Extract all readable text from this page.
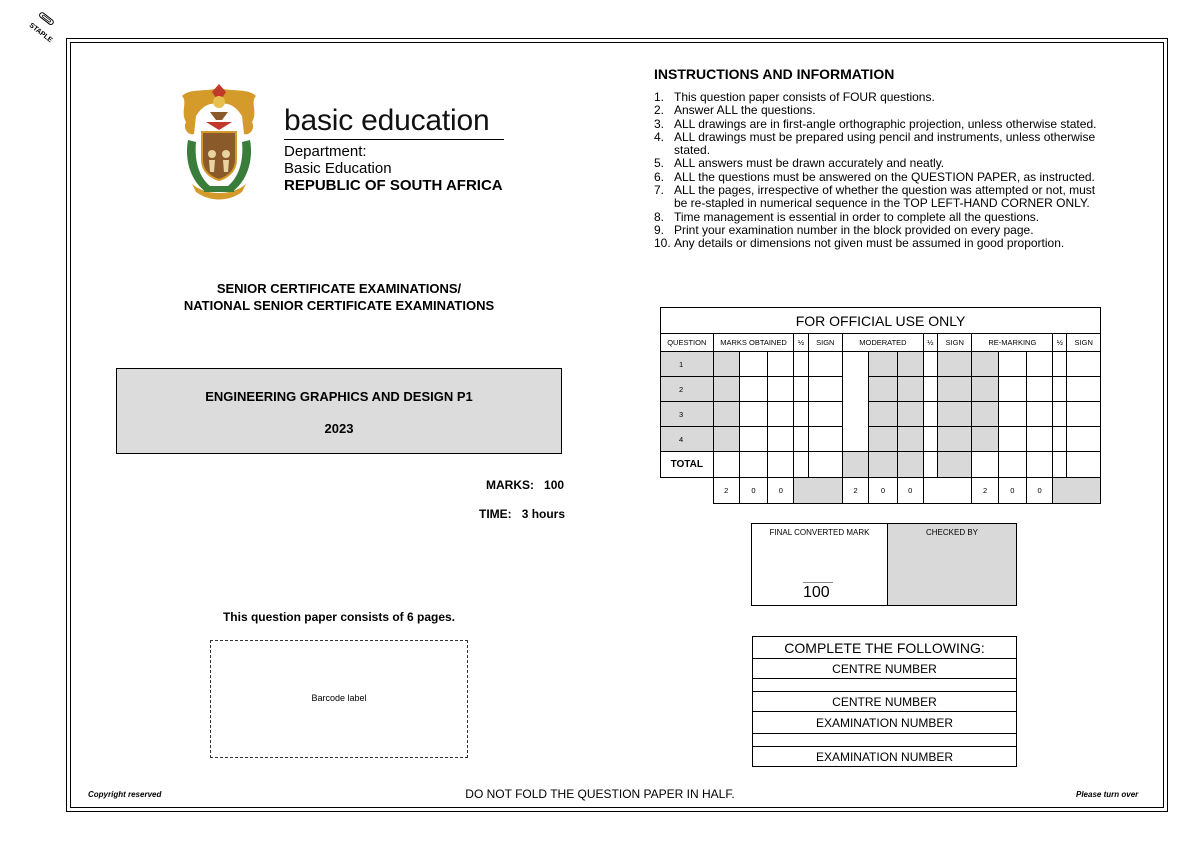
STAPLE
basic education
Department:
Basic Education
REPUBLIC OF SOUTH AFRICA
SENIOR CERTIFICATE EXAMINATIONS/
NATIONAL SENIOR CERTIFICATE EXAMINATIONS
ENGINEERING GRAPHICS AND DESIGN P1
2023
MARKS: 100
TIME: 3 hours
This question paper consists of 6 pages.
Barcode label
INSTRUCTIONS AND INFORMATION
1. This question paper consists of FOUR questions.
2. Answer ALL the questions.
3. ALL drawings are in first-angle orthographic projection, unless otherwise stated.
4. ALL drawings must be prepared using pencil and instruments, unless otherwise stated.
5. ALL answers must be drawn accurately and neatly.
6. ALL the questions must be answered on the QUESTION PAPER, as instructed.
7. ALL the pages, irrespective of whether the question was attempted or not, must be re-stapled in numerical sequence in the TOP LEFT-HAND CORNER ONLY.
8. Time management is essential in order to complete all the questions.
9. Print your examination number in the block provided on every page.
10. Any details or dimensions not given must be assumed in good proportion.
FOR OFFICIAL USE ONLY															
QUESTION	MARKS OBTAINED			½	SIGN	MODERATED			½	SIGN	RE-MARKING			½	SIGN
1															
2															
3															
4															
TOTAL															
	2	0	0			2	0	0			2	0	0		
FINAL CONVERTED MARK	CHECKED BY
100
COMPLETE THE FOLLOWING:
CENTRE NUMBER

CENTRE NUMBER
EXAMINATION NUMBER

EXAMINATION NUMBER
Copyright reserved	DO NOT FOLD THE QUESTION PAPER IN HALF.	Please turn over
